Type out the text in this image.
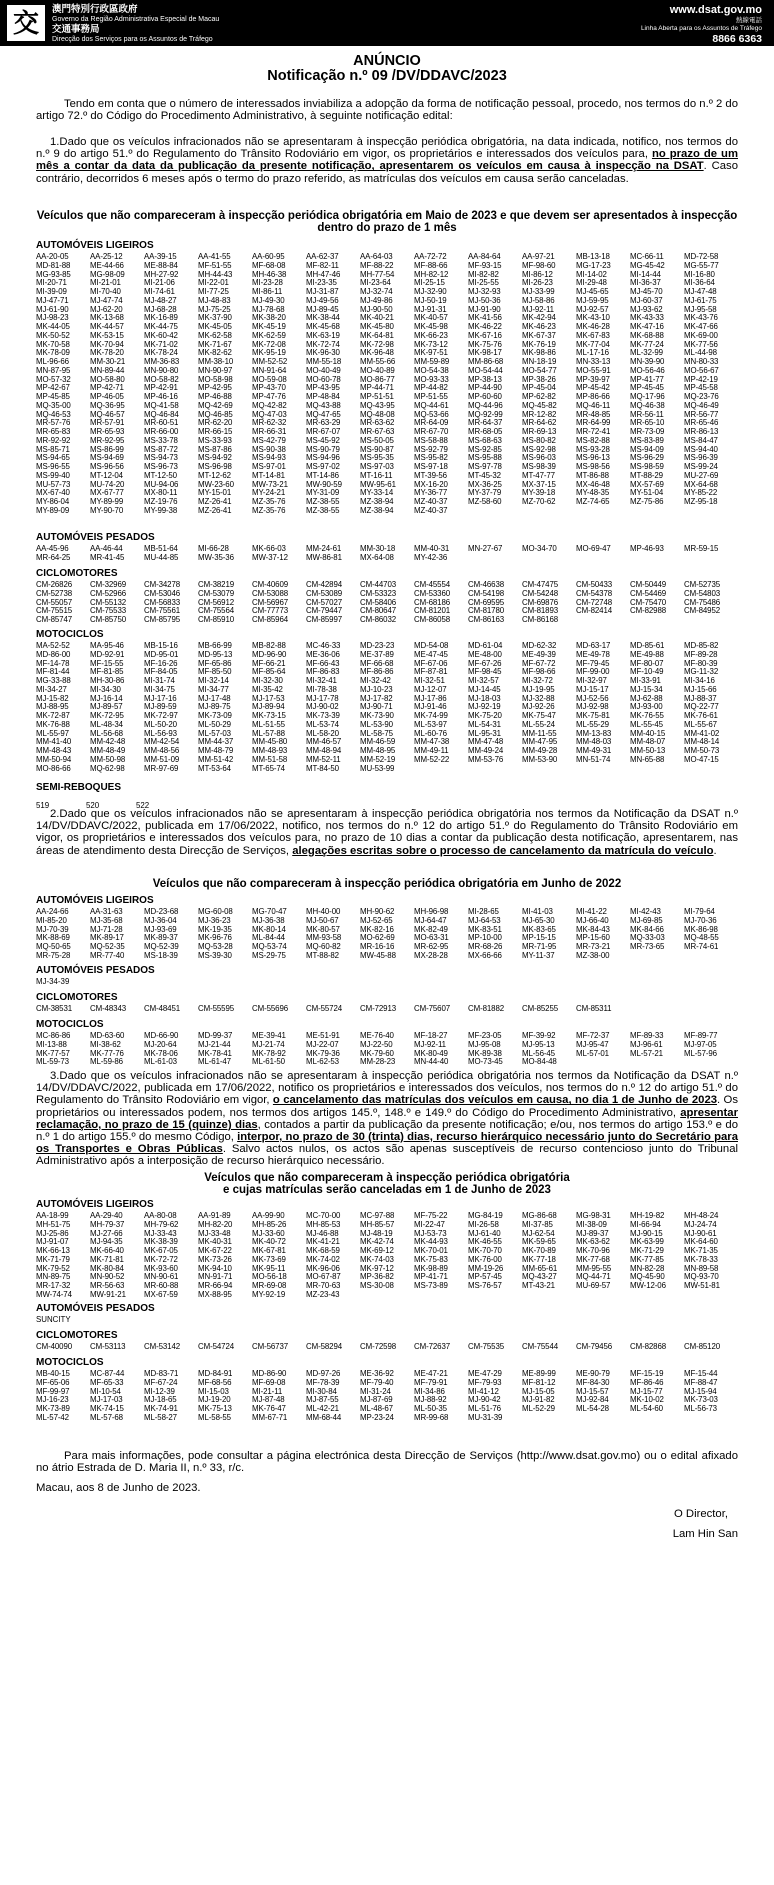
交 澳門特別行政區政府
Governo da Região Administrativa Especial de Macau
交通事務局
Direcção dos Serviços para os Assuntos de Tráfego
www.dsat.gov.mo
熱線電話
Linha Aberta para os Assuntos de Tráfego
8866 6363
ANÚNCIO
Notificação n.º 09 /DV/DDAVC/2023
Tendo em conta que o número de interessados inviabiliza a adopção da forma de notificação pessoal, procedo, nos termos do n.º 2 do artigo 72.º do Código do Procedimento Administrativo, à seguinte notificação edital:
1.Dado que os veículos infracionados não se apresentaram à inspecção periódica obrigatória, na data indicada, notifico, nos termos do n.º 9 do artigo 51.º do Regulamento do Trânsito Rodoviário em vigor, os proprietários e interessados dos veículos para, no prazo de um mês a contar da data da publicação da presente notificação, apresentarem os veículos em causa à inspecção na DSAT. Caso contrário, decorridos 6 meses após o termo do prazo referido, as matrículas dos veículos em causa serão canceladas.
Veículos que não compareceram à inspecção periódica obrigatória em Maio de 2023 e que devem ser apresentados à inspecção dentro do prazo de 1 mês
AUTOMÓVEIS LIGEIROS
AA-20-05	AA-25-12	AA-39-15	AA-41-55	AA-60-95	AA-62-37	AA-64-03	AA-72-72	AA-84-64	AA-97-21	MB-13-18	MC-66-11	MD-72-58
MD-81-88	ME-44-66	ME-88-84	MF-51-55	MF-68-08	MF-82-11	MF-88-22	MF-88-66	MF-93-15	MF-98-60	MG-17-23	MG-45-42	MG-55-77
MG-93-85	MG-98-09	MH-27-92	MH-44-43	MH-46-38	MH-47-46	MH-77-54	MH-82-12	MI-82-82	MI-86-12	MI-14-02	MI-14-44	MI-16-80
MI-20-71	MI-21-01	MI-21-06	MI-22-01	MI-23-28	MI-23-35	MI-23-64	MI-25-15	MI-25-55	MI-26-23	MI-29-48	MI-36-37	MI-36-64
MI-39-09	MI-70-40	MI-74-61	MI-77-25	MI-86-11	MJ-31-87	MJ-32-74	MJ-32-90	MJ-32-93	MJ-33-99	MJ-45-65	MJ-45-70	MJ-47-48
MJ-47-71	MJ-47-74	MJ-48-27	MJ-48-83	MJ-49-30	MJ-49-56	MJ-49-86	MJ-50-19	MJ-50-36	MJ-58-86	MJ-59-95	MJ-60-37	MJ-61-75
MJ-61-90	MJ-62-20	MJ-68-28	MJ-75-25	MJ-78-68	MJ-89-45	MJ-90-50	MJ-91-31	MJ-91-90	MJ-92-11	MJ-92-57	MJ-93-62	MJ-95-58
MJ-98-23	MK-13-68	MK-16-89	MK-37-90	MK-38-20	MK-38-44	MK-40-21	MK-40-57	MK-41-56	MK-42-94	MK-43-10	MK-43-33	MK-43-76
MK-44-05	MK-44-57	MK-44-75	MK-45-05	MK-45-19	MK-45-68	MK-45-80	MK-45-98	MK-46-22	MK-46-23	MK-46-28	MK-47-16	MK-47-66
MK-50-52	MK-53-15	MK-60-42	MK-62-58	MK-62-59	MK-63-19	MK-64-81	MK-66-23	MK-67-16	MK-67-37	MK-67-83	MK-68-88	MK-69-00
MK-70-58	MK-70-94	MK-71-02	MK-71-67	MK-72-08	MK-72-74	MK-72-98	MK-73-12	MK-75-76	MK-76-19	MK-77-04	MK-77-24	MK-77-56
MK-78-09	MK-78-20	MK-78-24	MK-82-62	MK-95-19	MK-96-30	MK-96-48	MK-97-51	MK-98-17	MK-98-86	ML-17-16	ML-32-99	ML-44-98
ML-96-66	MM-30-21	MM-36-83	MM-38-10	MM-52-52	MM-55-18	MM-55-66	MM-59-89	MM-86-68	MN-18-19	MN-33-13	MN-39-90	MN-80-33
MN-87-95	MN-89-44	MN-90-80	MN-90-97	MN-91-64	MO-40-49	MO-40-89	MO-54-38	MO-54-44	MO-54-77	MO-55-91	MO-56-46	MO-56-67
MO-57-32	MO-58-80	MO-58-82	MO-58-98	MO-59-08	MO-60-78	MO-86-77	MO-93-33	MP-38-13	MP-38-26	MP-39-97	MP-41-77	MP-42-19
MP-42-67	MP-42-71	MP-42-91	MP-42-95	MP-43-70	MP-43-95	MP-44-71	MP-44-82	MP-44-90	MP-45-04	MP-45-42	MP-45-45	MP-45-58
MP-45-85	MP-46-05	MP-46-16	MP-46-88	MP-47-76	MP-48-84	MP-51-51	MP-51-55	MP-60-60	MP-62-82	MP-86-66	MQ-17-96	MQ-23-76
MQ-35-00	MQ-36-95	MQ-41-58	MQ-42-69	MQ-42-82	MQ-43-88	MQ-43-95	MQ-44-61	MQ-44-96	MQ-45-82	MQ-46-11	MQ-46-38	MQ-46-49
MQ-46-53	MQ-46-57	MQ-46-84	MQ-46-85	MQ-47-03	MQ-47-65	MQ-48-08	MQ-53-66	MQ-92-99	MR-12-82	MR-48-85	MR-56-11	MR-56-77
MR-57-76	MR-57-91	MR-60-51	MR-62-20	MR-62-32	MR-63-29	MR-63-62	MR-64-09	MR-64-37	MR-64-62	MR-64-99	MR-65-10	MR-65-46
MR-65-83	MR-65-93	MR-66-00	MR-66-15	MR-66-31	MR-67-07	MR-67-63	MR-67-70	MR-68-05	MR-69-13	MR-72-41	MR-73-09	MR-86-13
MR-92-92	MR-92-95	MS-33-78	MS-33-93	MS-42-79	MS-45-92	MS-50-05	MS-58-88	MS-68-63	MS-80-82	MS-82-88	MS-83-89	MS-84-47
MS-85-71	MS-86-99	MS-87-72	MS-87-86	MS-90-38	MS-90-79	MS-90-87	MS-92-79	MS-92-85	MS-92-98	MS-93-28	MS-94-09	MS-94-40
MS-94-65	MS-94-69	MS-94-73	MS-94-92	MS-94-93	MS-94-96	MS-95-35	MS-95-82	MS-95-88	MS-96-03	MS-96-13	MS-96-29	MS-96-39
MS-96-55	MS-96-56	MS-96-73	MS-96-98	MS-97-01	MS-97-02	MS-97-03	MS-97-18	MS-97-78	MS-98-39	MS-98-56	MS-98-59	MS-99-24
MS-99-40	MT-12-04	MT-12-50	MT-12-62	MT-14-81	MT-14-86	MT-16-11	MT-39-56	MT-45-32	MT-47-77	MT-86-88	MT-88-29	MU-27-69
MU-57-73	MU-74-20	MU-94-06	MW-23-60	MW-73-21	MW-90-59	MW-95-61	MX-16-20	MX-36-25	MX-37-15	MX-46-48	MX-57-69	MX-64-68
MX-67-40	MX-67-77	MX-80-11	MY-15-01	MY-24-21	MY-31-09	MY-33-14	MY-36-77	MY-37-79	MY-39-18	MY-48-35	MY-51-04	MY-85-22
MY-86-04	MY-89-99	MZ-19-76	MZ-26-41	MZ-35-76	MZ-38-55	MZ-38-94	MZ-40-37	MZ-58-60	MZ-70-62	MZ-74-65	MZ-75-86	MZ-95-18
MY-89-09	MY-90-70	MY-99-38	MZ-26-41	MZ-35-76	MZ-38-55	MZ-38-94	MZ-40-37
AUTOMÓVEIS PESADOS
AA-45-96	AA-46-44	MB-51-64	MI-66-28	MK-66-03	MM-24-61	MM-30-18	MM-40-31	MN-27-67	MO-34-70	MO-69-47	MP-46-93	MR-59-15
MR-64-25	MR-41-45	MU-44-85	MW-35-36	MW-37-12	MW-86-81	MX-64-08	MY-42-36
CICLOMOTORES
CM-26826	CM-32969	CM-34278	CM-38219	CM-40609	CM-42894	CM-44703	CM-45554	CM-46638	CM-47475	CM-50433	CM-50449	CM-52735
CM-52738	CM-52966	CM-53046	CM-53079	CM-53088	CM-53089	CM-53323	CM-53360	CM-54198	CM-54248	CM-54378	CM-54469	CM-54803
CM-55057	CM-55132	CM-56833	CM-56912	CM-56967	CM-57027	CM-58406	CM-68186	CM-69595	CM-69876	CM-72748	CM-75470	CM-75486
CM-75515	CM-75533	CM-75561	CM-75564	CM-77773	CM-79447	CM-80647	CM-81201	CM-81780	CM-81893	CM-82414	CM-82988	CM-84952
CM-85747	CM-85750	CM-85795	CM-85910	CM-85964	CM-85997	CM-86032	CM-86058	CM-86163	CM-86168
MOTOCICLOS
MA-52-52	MA-95-46	MB-15-16	MB-66-99	MB-82-88	MC-46-33	MD-23-23	MD-54-08	MD-61-04	MD-62-32	MD-63-17	MD-85-61	MD-85-82
MD-86-00	MD-92-91	MD-95-01	MD-95-13	MD-96-90	ME-36-06	ME-37-89	ME-47-45	ME-48-00	ME-49-39	ME-49-78	ME-49-88	MF-89-28
MF-14-78	MF-15-55	MF-16-26	MF-65-86	MF-66-21	MF-66-43	MF-66-68	MF-67-06	MF-67-26	MF-67-72	MF-79-45	MF-80-07	MF-80-39
MF-81-44	MF-81-85	MF-84-05	MF-85-50	MF-85-64	MF-86-83	MF-86-86	MF-87-81	MF-98-45	MF-98-66	MF-99-00	MF-10-49	MG-11-32
MG-33-88	MH-30-86	MI-31-74	MI-32-14	MI-32-30	MI-32-41	MI-32-42	MI-32-51	MI-32-57	MI-32-72	MI-32-97	MI-33-91	MI-34-16
MI-34-27	MI-34-30	MI-34-75	MI-34-77	MI-35-42	MI-78-38	MJ-10-23	MJ-12-07	MJ-14-45	MJ-19-95	MJ-15-17	MJ-15-34	MJ-15-66
MJ-15-82	MJ-16-14	MJ-17-16	MJ-17-48	MJ-17-53	MJ-17-78	MJ-17-82	MJ-17-86	MJ-18-03	MJ-32-88	MJ-52-56	MJ-62-88	MJ-88-37
MJ-88-95	MJ-89-57	MJ-89-59	MJ-89-75	MJ-89-94	MJ-90-02	MJ-90-71	MJ-91-46	MJ-92-19	MJ-92-26	MJ-92-98	MJ-93-00	MQ-22-77
MK-72-87	MK-72-95	MK-72-97	MK-73-09	MK-73-15	MK-73-39	MK-73-90	MK-74-99	MK-75-20	MK-75-47	MK-75-81	MK-76-55	MK-76-61
MK-76-88	ML-48-34	ML-50-20	ML-50-29	ML-51-55	ML-53-74	ML-53-90	ML-53-97	ML-54-31	ML-55-24	ML-55-29	ML-55-45	ML-55-67
ML-55-97	ML-56-68	ML-56-93	ML-57-03	ML-57-88	ML-58-20	ML-58-75	ML-60-76	ML-95-31	MM-11-55	MM-13-83	MM-40-15	MM-41-02
MM-41-40	MM-42-48	MM-42-54	MM-44-37	MM-45-80	MM-46-57	MM-46-59	MM-47-38	MM-47-48	MM-47-95	MM-48-03	MM-48-07	MM-48-14
MM-48-43	MM-48-49	MM-48-56	MM-48-79	MM-48-93	MM-48-94	MM-48-95	MM-49-11	MM-49-24	MM-49-28	MM-49-31	MM-50-13	MM-50-73
MM-50-94	MM-50-98	MM-51-09	MM-51-42	MM-51-58	MM-52-11	MM-52-19	MM-52-22	MM-53-76	MM-53-90	MN-51-74	MN-65-88	MO-47-15
MO-86-66	MQ-62-98	MR-97-69	MT-53-64	MT-65-74	MT-84-50	MU-53-99
SEMI-REBOQUES
519	520	522
2.Dado que os veículos infracionados não se apresentaram à inspecção periódica obrigatória nos termos da Notificação da DSAT n.º 14/DV/DDAVC/2022, publicada em 17/06/2022, notifico, nos termos do n.º 12 do artigo 51.º do Regulamento do Trânsito Rodoviário em vigor, os proprietários e interessados dos veículos para, no prazo de 10 dias a contar da publicação desta notificação, apresentarem, nas áreas de atendimento desta Direcção de Serviços, alegações escritas sobre o processo de cancelamento da matrícula do veículo.
Veículos que não compareceram à inspecção periódica obrigatória em Junho de 2022
AUTOMÓVEIS LIGEIROS
AA-24-66	AA-31-63	MD-23-68	MG-60-08	MG-70-47	MH-40-00	MH-90-62	MH-96-98	MI-28-65	MI-41-03	MI-41-22	MI-42-43	MI-79-64
MI-85-20	MJ-35-68	MJ-36-04	MJ-36-23	MJ-36-38	MJ-50-67	MJ-52-65	MJ-64-47	MJ-64-53	MJ-65-30	MJ-66-40	MJ-69-85	MJ-70-36
MJ-70-39	MJ-71-28	MJ-93-69	MK-19-35	MK-80-14	MK-80-57	MK-82-16	MK-82-49	MK-83-51	MK-83-65	MK-84-43	MK-84-66	MK-86-98
MK-88-69	MK-89-17	MK-89-37	MK-96-76	ML-84-44	MM-93-58	MO-62-69	MO-63-31	MP-10-00	MP-15-15	MP-15-60	MQ-33-03	MQ-48-55
MQ-50-65	MQ-52-35	MQ-52-39	MQ-53-28	MQ-53-74	MQ-60-82	MR-16-16	MR-62-95	MR-68-26	MR-71-95	MR-73-21	MR-73-65	MR-74-61
MR-75-28	MR-77-40	MS-18-39	MS-39-30	MS-29-75	MT-88-82	MW-45-88	MX-28-28	MX-66-66	MY-11-37	MZ-38-00
AUTOMÓVEIS PESADOS
MJ-34-39
CICLOMOTORES
CM-38531	CM-48343	CM-48451	CM-55595	CM-55696	CM-55724	CM-72913	CM-75607	CM-81882	CM-85255	CM-85311
MOTOCICLOS
MC-86-86	MD-63-60	MD-66-90	MD-99-37	ME-39-41	ME-51-91	ME-76-40	MF-18-27	MF-23-05	MF-39-92	MF-72-37	MF-89-33	MF-89-77
MI-13-88	MI-38-62	MJ-20-64	MJ-21-44	MJ-21-74	MJ-22-07	MJ-22-50	MJ-92-11	MJ-95-08	MJ-95-13	MJ-95-47	MJ-96-61	MJ-97-05
MK-77-57	MK-77-76	MK-78-06	MK-78-41	MK-78-92	MK-79-36	MK-79-60	MK-80-49	MK-89-38	ML-56-45	ML-57-01	ML-57-21	ML-57-96
ML-59-73	ML-59-86	ML-61-03	ML-61-47	ML-61-50	ML-62-53	MM-28-23	MN-44-40	MO-73-45	MO-84-48
3.Dado que os veículos infracionados não se apresentaram à inspecção periódica obrigatória nos termos da Notificação da DSAT n.º 14/DV/DDAVC/2022, publicada em 17/06/2022, notifico os proprietários e interessados dos veículos, nos termos do n.º 12 do artigo 51.º do Regulamento do Trânsito Rodoviário em vigor, o cancelamento das matrículas dos veículos em causa, no dia 1 de Junho de 2023. Os proprietários ou interessados podem, nos termos dos artigos 145.º, 148.º e 149.º do Código do Procedimento Administrativo, apresentar reclamação, no prazo de 15 (quinze) dias, contados a partir da publicação da presente notificação; e/ou, nos termos do artigo 153.º e do n.º 1 do artigo 155.º do mesmo Código, interpor, no prazo de 30 (trinta) dias, recurso hierárquico necessário junto do Secretário para os Transportes e Obras Públicas. Salvo actos nulos, os actos são apenas susceptíveis de recurso contencioso junto do Tribunal Administrativo após a interposição de recurso hierárquico necessário.
Veículos que não compareceram à inspecção periódica obrigatória
e cujas matrículas serão canceladas em 1 de Junho de 2023
AUTOMÓVEIS LIGEIROS
AA-18-99	AA-29-40	AA-80-08	AA-91-89	AA-99-90	MC-70-00	MC-97-88	MF-75-22	MG-84-19	MG-86-68	MG-98-31	MH-19-82	MH-48-24
MH-51-75	MH-79-37	MH-79-62	MH-82-20	MH-85-26	MH-85-53	MH-85-57	MI-22-47	MI-26-58	MI-37-85	MI-38-09	MI-66-94	MJ-24-74
MJ-25-86	MJ-27-66	MJ-33-43	MJ-33-48	MJ-33-60	MJ-46-88	MJ-48-19	MJ-53-73	MJ-61-40	MJ-62-54	MJ-89-37	MJ-90-15	MJ-90-61
MJ-91-07	MJ-94-35	MK-38-39	MK-40-31	MK-40-72	MK-41-21	MK-42-74	MK-44-93	MK-46-55	MK-59-65	MK-63-62	MK-63-99	MK-64-60
MK-66-13	MK-66-40	MK-67-05	MK-67-22	MK-67-81	MK-68-59	MK-69-12	MK-70-01	MK-70-70	MK-70-89	MK-70-96	MK-71-29	MK-71-35
MK-71-79	MK-71-81	MK-72-72	MK-73-26	MK-73-69	MK-74-02	MK-74-03	MK-75-83	MK-76-00	MK-77-18	MK-77-68	MK-77-85	MK-78-33
MK-79-52	MK-80-84	MK-93-60	MK-94-10	MK-95-11	MK-96-06	MK-97-12	MK-98-89	MM-19-26	MM-65-61	MM-95-55	MN-82-28	MN-89-58
MN-89-75	MN-90-52	MN-90-61	MN-91-71	MO-56-18	MO-67-87	MP-36-82	MP-41-71	MP-57-45	MQ-43-27	MQ-44-71	MQ-45-90	MQ-93-70
MR-17-32	MR-56-63	MR-60-88	MR-66-94	MR-69-08	MR-70-63	MS-30-08	MS-73-89	MS-76-57	MT-43-21	MU-69-57	MW-12-06	MW-51-81
MW-74-74	MW-91-21	MX-67-59	MX-88-95	MY-92-19	MZ-23-43
AUTOMÓVEIS PESADOS
SUNCITY
CICLOMOTORES
CM-40090	CM-53113	CM-53142	CM-54724	CM-56737	CM-58294	CM-72598	CM-72637	CM-75535	CM-75544	CM-79456	CM-82868	CM-85120
MOTOCICLOS
MB-40-15	MC-87-44	MD-83-71	MD-84-91	MD-86-90	MD-97-26	ME-36-92	ME-47-21	ME-47-29	ME-89-99	ME-90-79	MF-15-19	MF-15-44
MF-65-06	MF-65-33	MF-67-24	MF-68-56	MF-69-08	MF-78-39	MF-79-40	MF-79-91	MF-79-93	MF-81-12	MF-84-30	MF-86-46	MF-88-47
MF-99-97	MI-10-54	MI-12-39	MI-15-03	MI-21-11	MI-30-84	MI-31-24	MI-34-86	MI-41-12	MJ-15-05	MJ-15-57	MJ-15-77	MJ-15-94
MJ-16-23	MJ-17-03	MJ-18-65	MJ-19-20	MJ-87-48	MJ-87-55	MJ-87-69	MJ-88-92	MJ-90-42	MJ-91-82	MJ-92-84	MK-10-02	MK-73-03
MK-73-89	MK-74-15	MK-74-91	MK-75-13	MK-76-47	ML-42-21	ML-48-67	ML-50-35	ML-51-76	ML-52-29	ML-54-28	ML-54-60	ML-56-73
ML-57-42	ML-57-68	ML-58-27	ML-58-55	MM-67-71	MM-68-44	MP-23-24	MR-99-68	MU-31-39
Para mais informações, pode consultar a página electrónica desta Direcção de Serviços (http://www.dsat.gov.mo) ou o edital afixado no átrio Estrada de D. Maria II, n.º 33, r/c.
Macau, aos 8 de Junho de 2023.
O Director,
Lam Hin San
